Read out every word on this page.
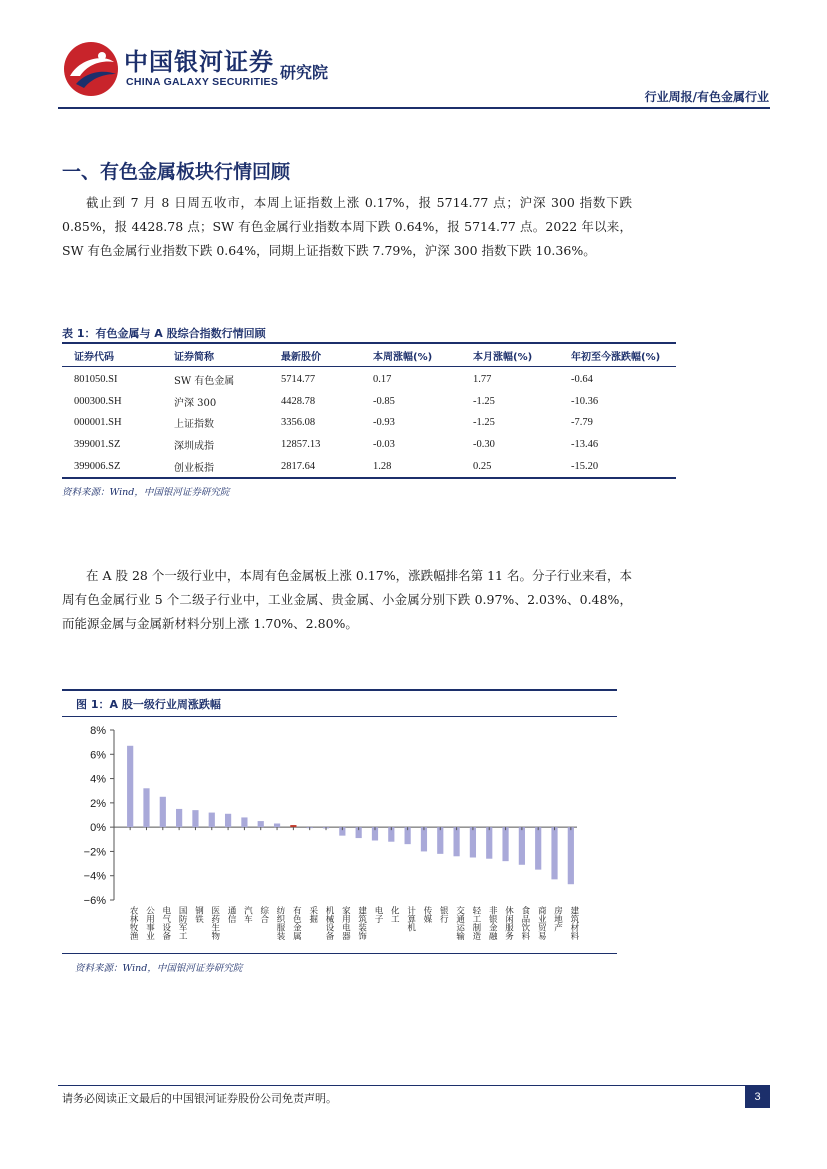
中国银河证券
CHINA GALAXY SECURITIES 研究院
行业周报/有色金属行业
一、有色金属板块行情回顾
截止到 7 月 8 日周五收市，本周上证指数上涨 0.17%，报 5714.77 点；沪深 300 指数下跌 0.85%，报 4428.78 点；SW 有色金属行业指数本周下跌 0.64%，报 5714.77 点。2022 年以来，SW 有色金属行业指数下跌 0.64%，同期上证指数下跌 7.79%，沪深 300 指数下跌 10.36%。
表 1：有色金属与 A 股综合指数行情回顾
证券代码	证券简称	最新股价	本周涨幅(%)	本月涨幅(%)	年初至今涨跌幅(%)
801050.SI	SW 有色金属	5714.77	0.17	1.77	-0.64
000300.SH	沪深 300	4428.78	-0.85	-1.25	-10.36
000001.SH	上证指数	3356.08	-0.93	-1.25	-7.79
399001.SZ	深圳成指	12857.13	-0.03	-0.30	-13.46
399006.SZ	创业板指	2817.64	1.28	0.25	-15.20
资料来源：Wind，中国银河证券研究院
在 A 股 28 个一级行业中，本周有色金属板上涨 0.17%，涨跌幅排名第 11 名。分子行业来看，本周有色金属行业 5 个二级子行业中，工业金属、贵金属、小金属分别下跌 0.97%、2.03%、0.48%，而能源金属与金属新材料分别上涨 1.70%、2.80%。
图 1：A 股一级行业周涨跌幅
−6%
−4%
−2%
0%
2%
4%
6%
8%
农林牧渔 公用事业 电气设备 国防军工 钢铁 医药生物 通信 汽车 综合 纺织服装 有色金属 采掘 机械设备 家用电器 建筑装饰 电子 化工 计算机 传媒 银行 交通运输 轻工制造 非银金融 休闲服务 食品饮料 商业贸易 房地产 建筑材料
资料来源：Wind，中国银河证券研究院
请务必阅读正文最后的中国银河证券股份公司免责声明。	3
